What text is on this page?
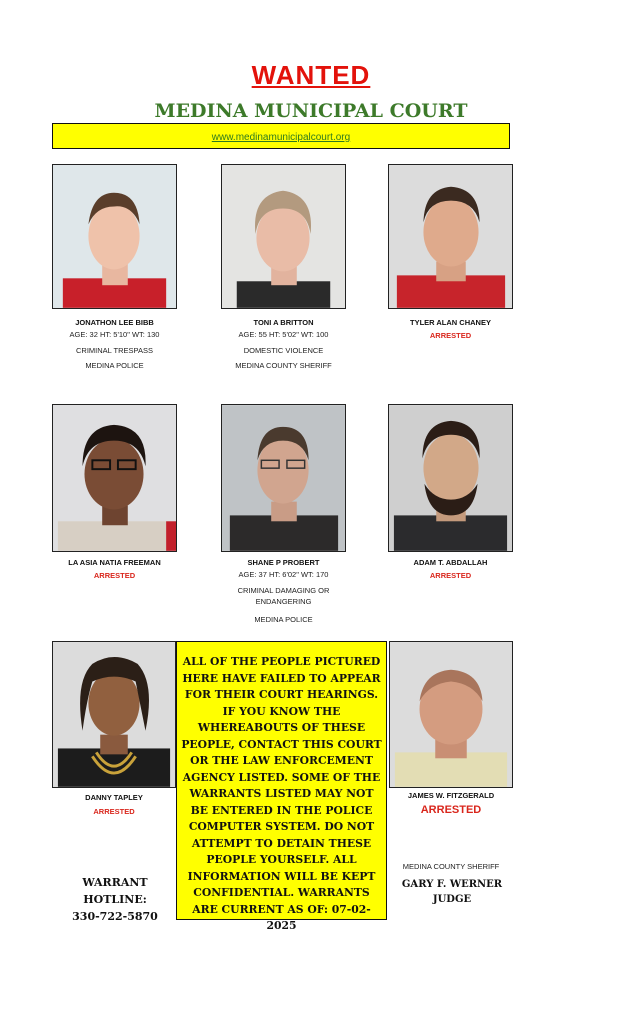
WANTED
MEDINA MUNICIPAL COURT
www.medinamunicipalcourt.org
JONATHON LEE BIBB
AGE: 32 HT: 5'10" WT: 130
CRIMINAL TRESPASS
MEDINA POLICE
TONI A BRITTON
AGE: 55 HT: 5'02" WT: 100
DOMESTIC VIOLENCE
MEDINA COUNTY SHERIFF
TYLER ALAN CHANEY
ARRESTED
LA ASIA NATIA FREEMAN
ARRESTED
SHANE P PROBERT
AGE: 37 HT: 6'02" WT: 170
CRIMINAL DAMAGING OR
ENDANGERING
MEDINA POLICE
ADAM T. ABDALLAH
ARRESTED
DANNY TAPLEY
ARRESTED
ALL OF THE PEOPLE PICTURED HERE HAVE FAILED TO APPEAR FOR THEIR COURT HEARINGS. IF YOU KNOW THE WHEREABOUTS OF THESE PEOPLE, CONTACT THIS COURT OR THE LAW ENFORCEMENT AGENCY LISTED. SOME OF THE WARRANTS LISTED MAY NOT BE ENTERED IN THE POLICE COMPUTER SYSTEM. DO NOT ATTEMPT TO DETAIN THESE PEOPLE YOURSELF. ALL INFORMATION WILL BE KEPT CONFIDENTIAL. WARRANTS ARE CURRENT AS OF: 07-02-2025
JAMES W. FITZGERALD
ARRESTED
MEDINA COUNTY SHERIFF
WARRANT
HOTLINE:
330-722-5870
GARY F. WERNER
JUDGE
